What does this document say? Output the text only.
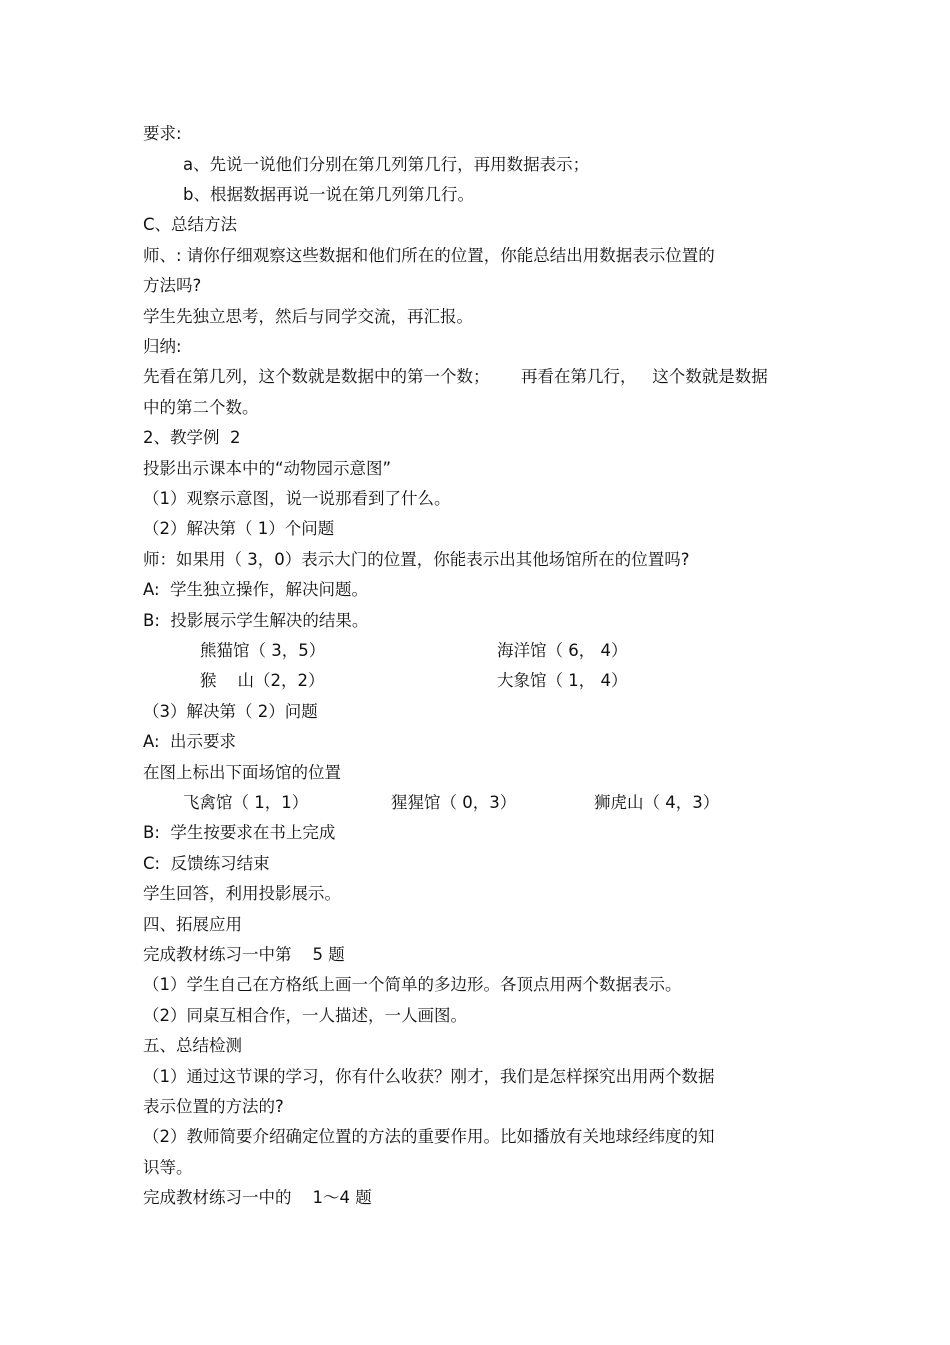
要求:
a、先说一说他们分别在第几列第几行，再用数据表示；
b、根据数据再说一说在第几列第几行。
C、总结方法
师、: 请你仔细观察这些数据和他们所在的位置，你能总结出用数据表示位置的
方法吗?
学生先独立思考，然后与同学交流，再汇报。
归纳:
先看在第几列，这个数就是数据中的第一个数；      再看在第几行，   这个数就是数据
中的第二个数。
2、教学例  2
投影出示课本中的“动物园示意图”
（1）观察示意图，说一说那看到了什么。
（2）解决第（ 1）个问题
师：如果用（ 3，0）表示大门的位置，你能表示出其他场馆所在的位置吗?
A:  学生独立操作，解决问题。
B:  投影展示学生解决的结果。
熊猫馆（ 3，5）	海洋馆（ 6， 4）
猴    山（2，2）	大象馆（ 1， 4）
（3）解决第（ 2）问题
A:  出示要求
在图上标出下面场馆的位置
飞禽馆（ 1，1）	猩猩馆（ 0，3）	狮虎山（ 4，3）
B:  学生按要求在书上完成
C:  反馈练习结束
学生回答，利用投影展示。
四、拓展应用
完成教材练习一中第    5 题
（1）学生自己在方格纸上画一个简单的多边形。各顶点用两个数据表示。
（2）同桌互相合作，一人描述，一人画图。
五、总结检测
（1）通过这节课的学习，你有什么收获？刚才，我们是怎样探究出用两个数据
表示位置的方法的?
（2）教师简要介绍确定位置的方法的重要作用。比如播放有关地球经纬度的知
识等。
完成教材练习一中的    1～4 题
